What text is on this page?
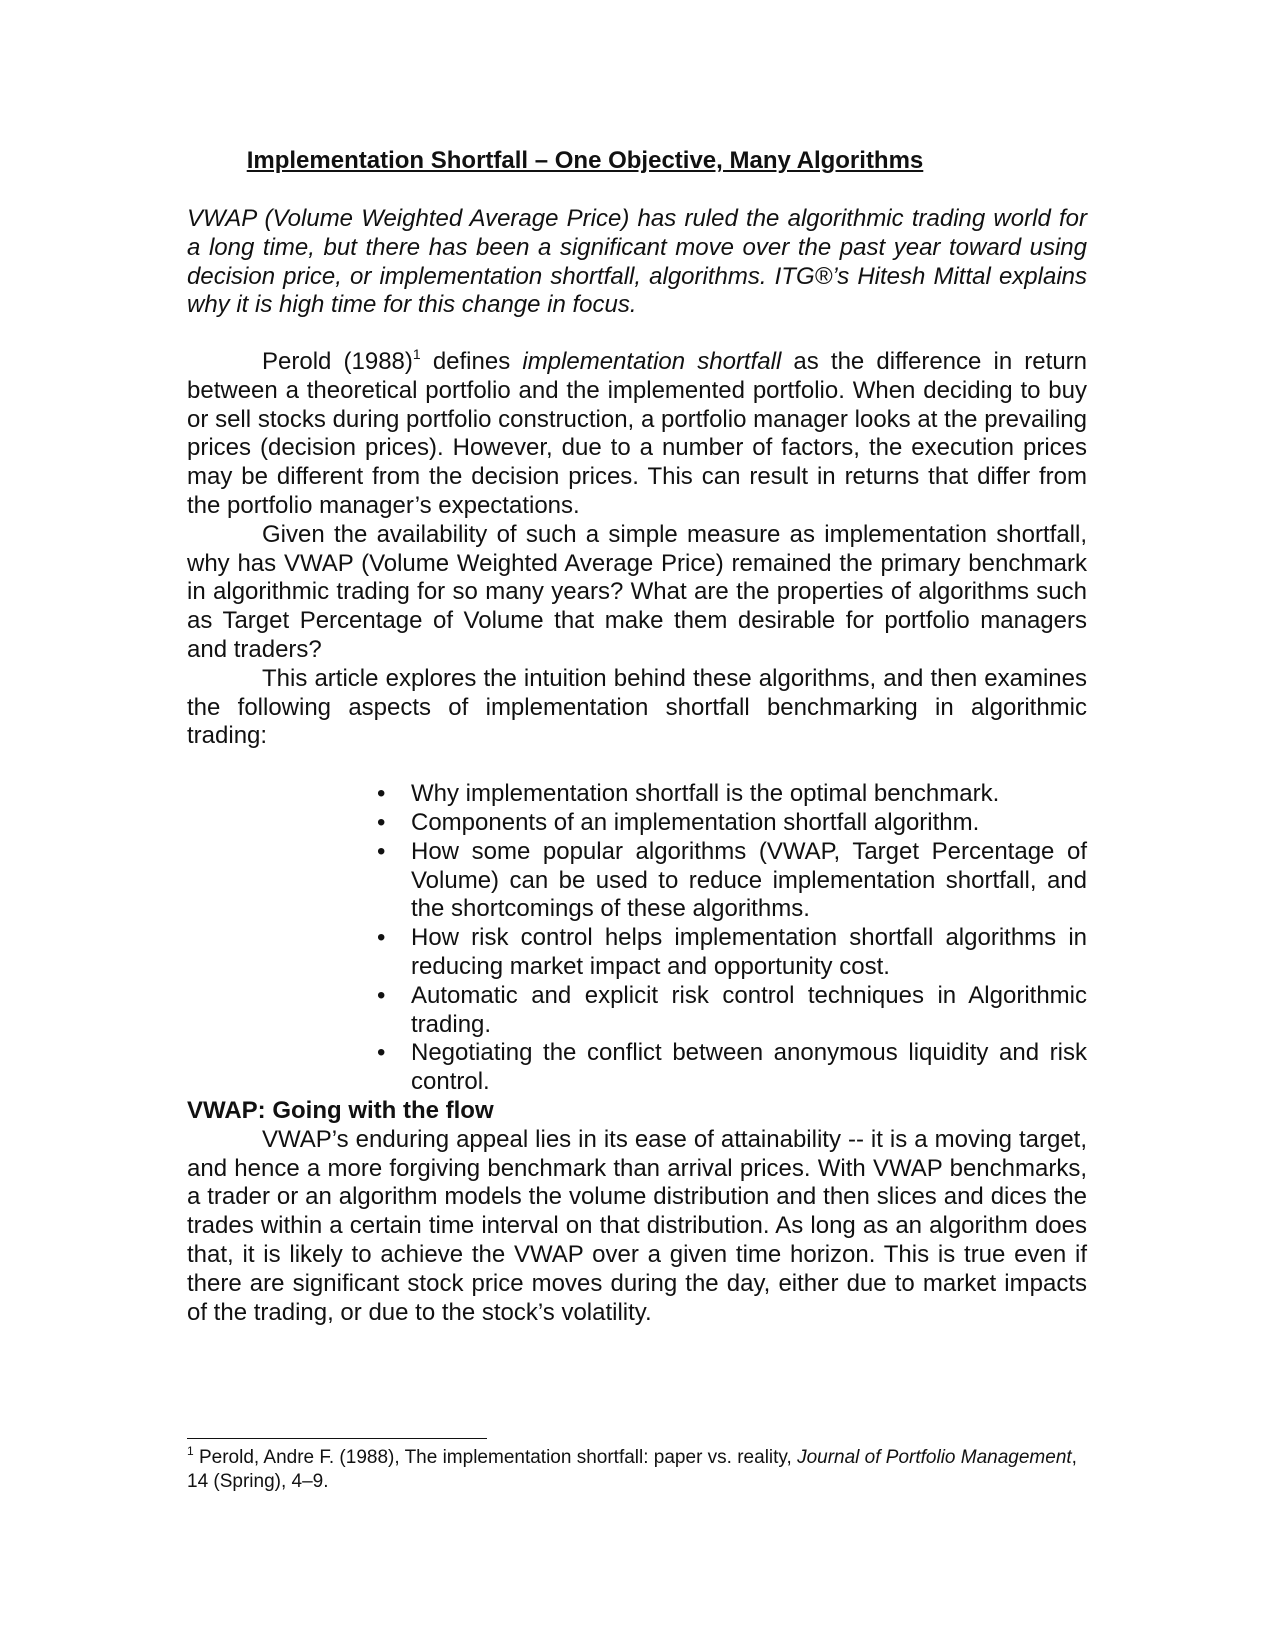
Implementation Shortfall – One Objective, Many Algorithms
VWAP (Volume Weighted Average Price) has ruled the algorithmic trading world for a long time, but there has been a significant move over the past year toward using decision price, or implementation shortfall, algorithms. ITG®’s Hitesh Mittal explains why it is high time for this change in focus.

Perold $(1988)^1$ defines implementation shortfall as the difference in return between a theoretical portfolio and the implemented portfolio. When deciding to buy or sell stocks during portfolio construction, a portfolio manager looks at the prevailing prices (decision prices). However, due to a number of factors, the execution prices may be different from the decision prices. This can result in returns that differ from the portfolio manager’s expectations.

Given the availability of such a simple measure as implementation shortfall, why has VWAP (Volume Weighted Average Price) remained the primary benchmark in algorithmic trading for so many years? What are the properties of algorithms such as Target Percentage of Volume that make them desirable for portfolio managers and traders?

This article explores the intuition behind these algorithms, and then examines the following aspects of implementation shortfall benchmarking in algorithmic trading:

• Why implementation shortfall is the optimal benchmark.
• Components of an implementation shortfall algorithm.
• How some popular algorithms (VWAP, Target Percentage of Volume) can be used to reduce implementation shortfall, and the shortcomings of these algorithms.
• How risk control helps implementation shortfall algorithms in reducing market impact and opportunity cost.
• Automatic and explicit risk control techniques in Algorithmic trading.
• Negotiating the conflict between anonymous liquidity and risk control.

VWAP: Going with the flow

VWAP’s enduring appeal lies in its ease of attainability -- it is a moving target, and hence a more forgiving benchmark than arrival prices. With VWAP benchmarks, a trader or an algorithm models the volume distribution and then slices and dices the trades within a certain time interval on that distribution. As long as an algorithm does that, it is likely to achieve the VWAP over a given time horizon. This is true even if there are significant stock price moves during the day, either due to market impacts of the trading, or due to the stock’s volatility.

$^1$ Perold, Andre F. (1988), The implementation shortfall: paper vs. reality, Journal of Portfolio Management, 14 (Spring), 4–9.
